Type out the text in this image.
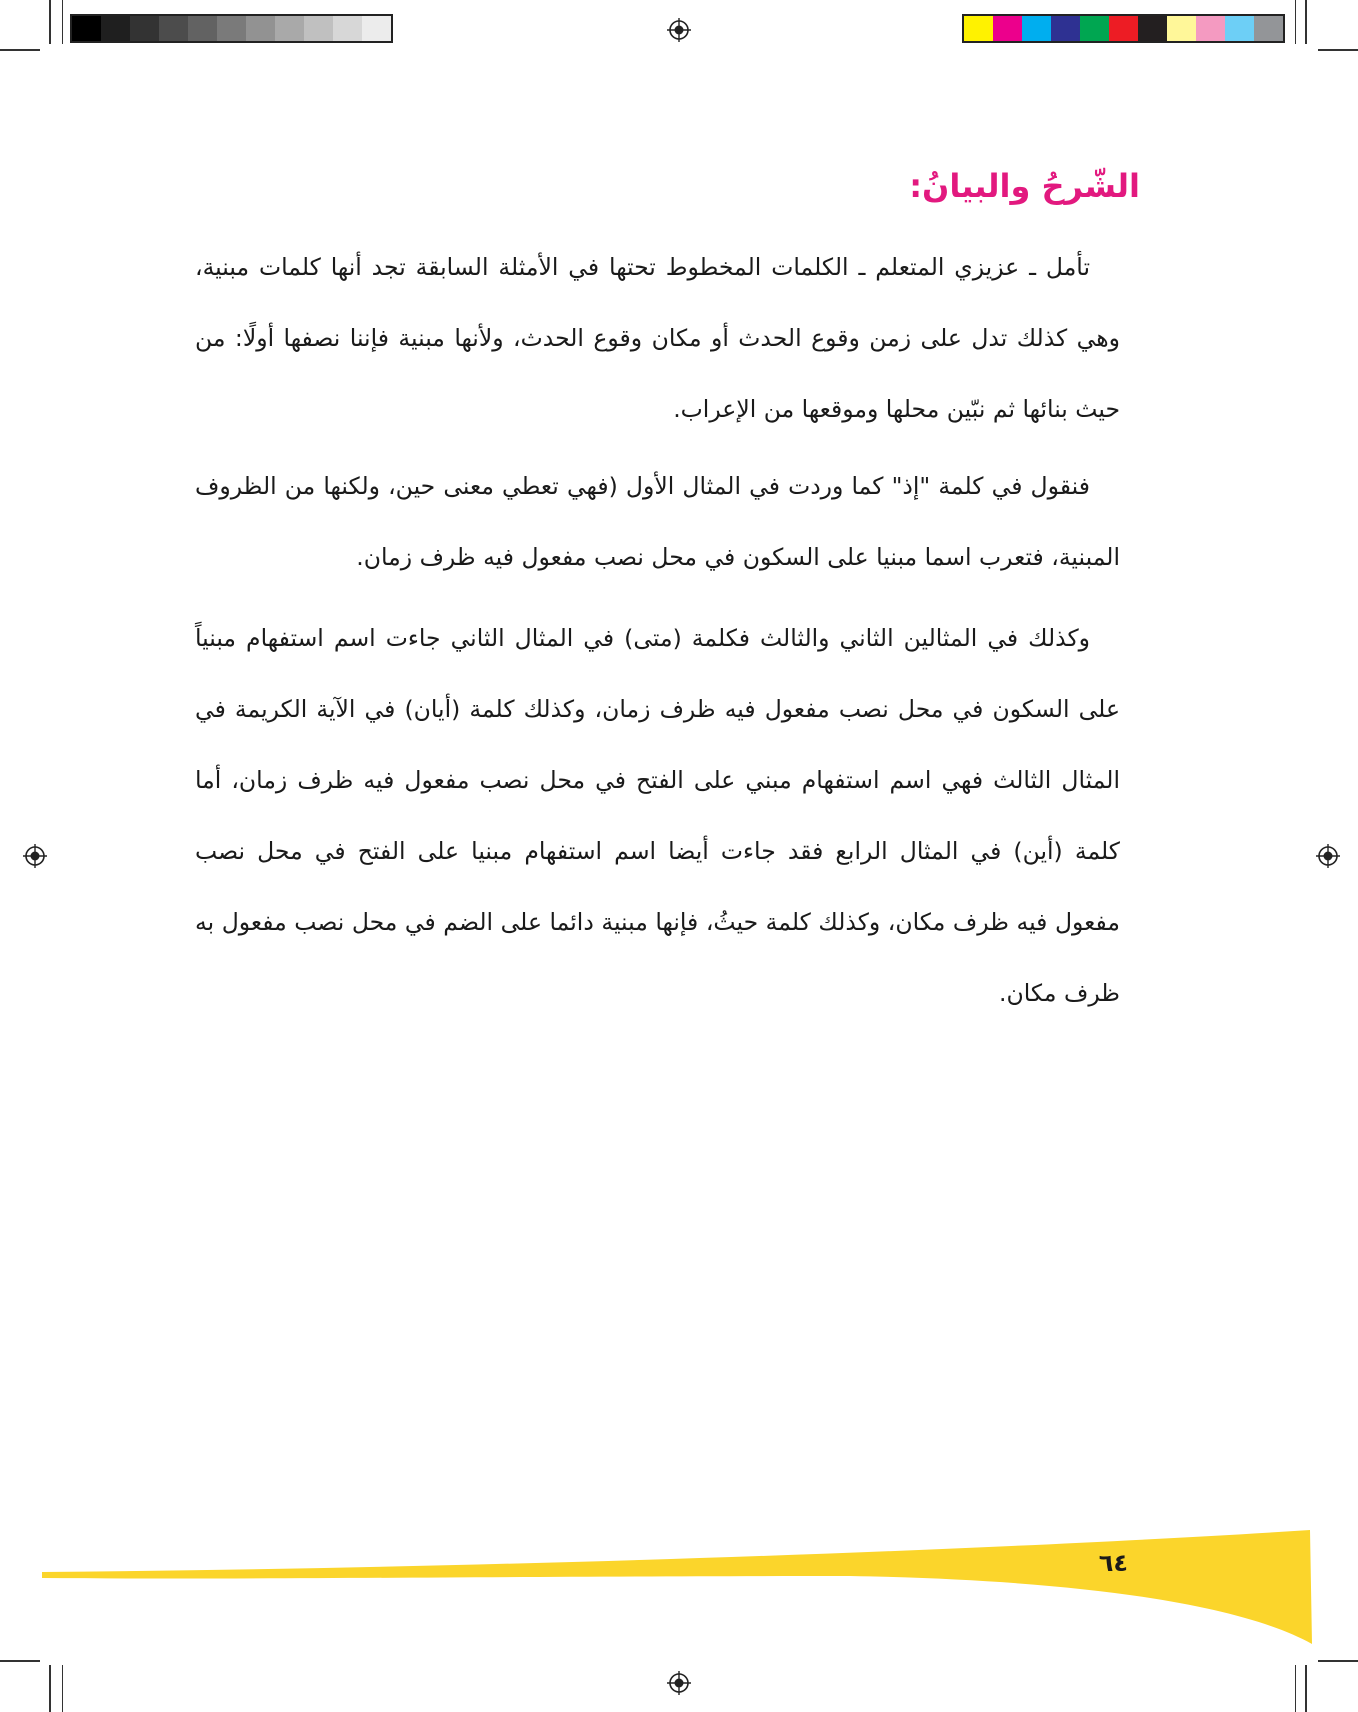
الشّرحُ والبيانُ:

تأمل ـ عزيزي المتعلم ـ الكلمات المخطوط تحتها في الأمثلة السابقة تجد أنها كلمات مبنية، وهي كذلك تدل على زمن وقوع الحدث أو مكان وقوع الحدث، ولأنها مبنية فإننا نصفها أولًا: من حيث بنائها ثم نبّين محلها وموقعها من الإعراب.

فنقول في كلمة "إذ" كما وردت في المثال الأول (فهي تعطي معنى حين، ولكنها من الظروف المبنية، فتعرب اسما مبنيا على السكون في محل نصب مفعول فيه ظرف زمان.

وكذلك في المثالين الثاني والثالث فكلمة (متى) في المثال الثاني جاءت اسم استفهام مبنياً على السكون في محل نصب مفعول فيه ظرف زمان، وكذلك كلمة (أيان) في الآية الكريمة في المثال الثالث فهي اسم استفهام مبني على الفتح في محل نصب مفعول فيه ظرف زمان، أما كلمة (أين) في المثال الرابع فقد جاءت أيضا اسم استفهام مبنيا على الفتح في محل نصب مفعول فيه ظرف مكان، وكذلك كلمة حيثُ، فإنها مبنية دائما على الضم في محل نصب مفعول به ظرف مكان.

٦٤
